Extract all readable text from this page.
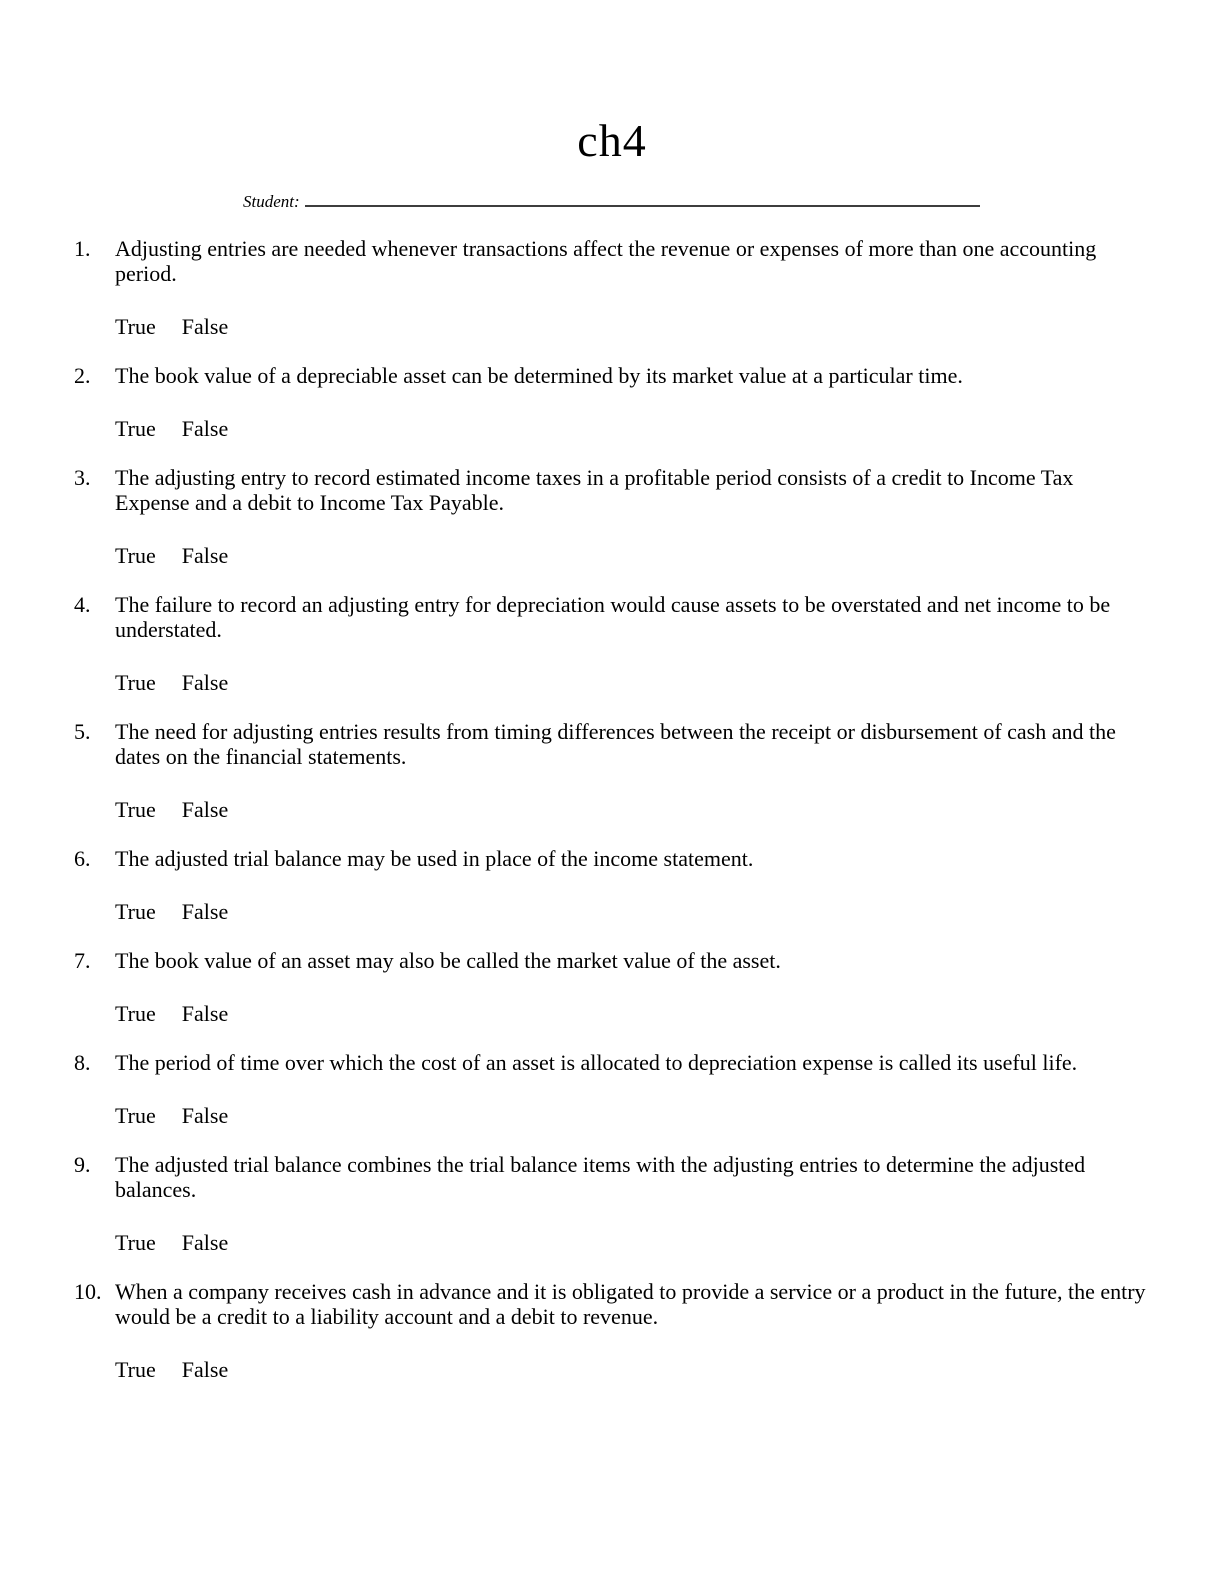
ch4
Student:
1.	Adjusting entries are needed whenever transactions affect the revenue or expenses of more than one accounting period.
True False
2.	The book value of a depreciable asset can be determined by its market value at a particular time.
True False
3.	The adjusting entry to record estimated income taxes in a profitable period consists of a credit to Income Tax Expense and a debit to Income Tax Payable.
True False
4.	The failure to record an adjusting entry for depreciation would cause assets to be overstated and net income to be understated.
True False
5.	The need for adjusting entries results from timing differences between the receipt or disbursement of cash and the dates on the financial statements.
True False
6.	The adjusted trial balance may be used in place of the income statement.
True False
7.	The book value of an asset may also be called the market value of the asset.
True False
8.	The period of time over which the cost of an asset is allocated to depreciation expense is called its useful life.
True False
9.	The adjusted trial balance combines the trial balance items with the adjusting entries to determine the adjusted balances.
True False
10. When a company receives cash in advance and it is obligated to provide a service or a product in the future, the entry would be a credit to a liability account and a debit to revenue.
True False
